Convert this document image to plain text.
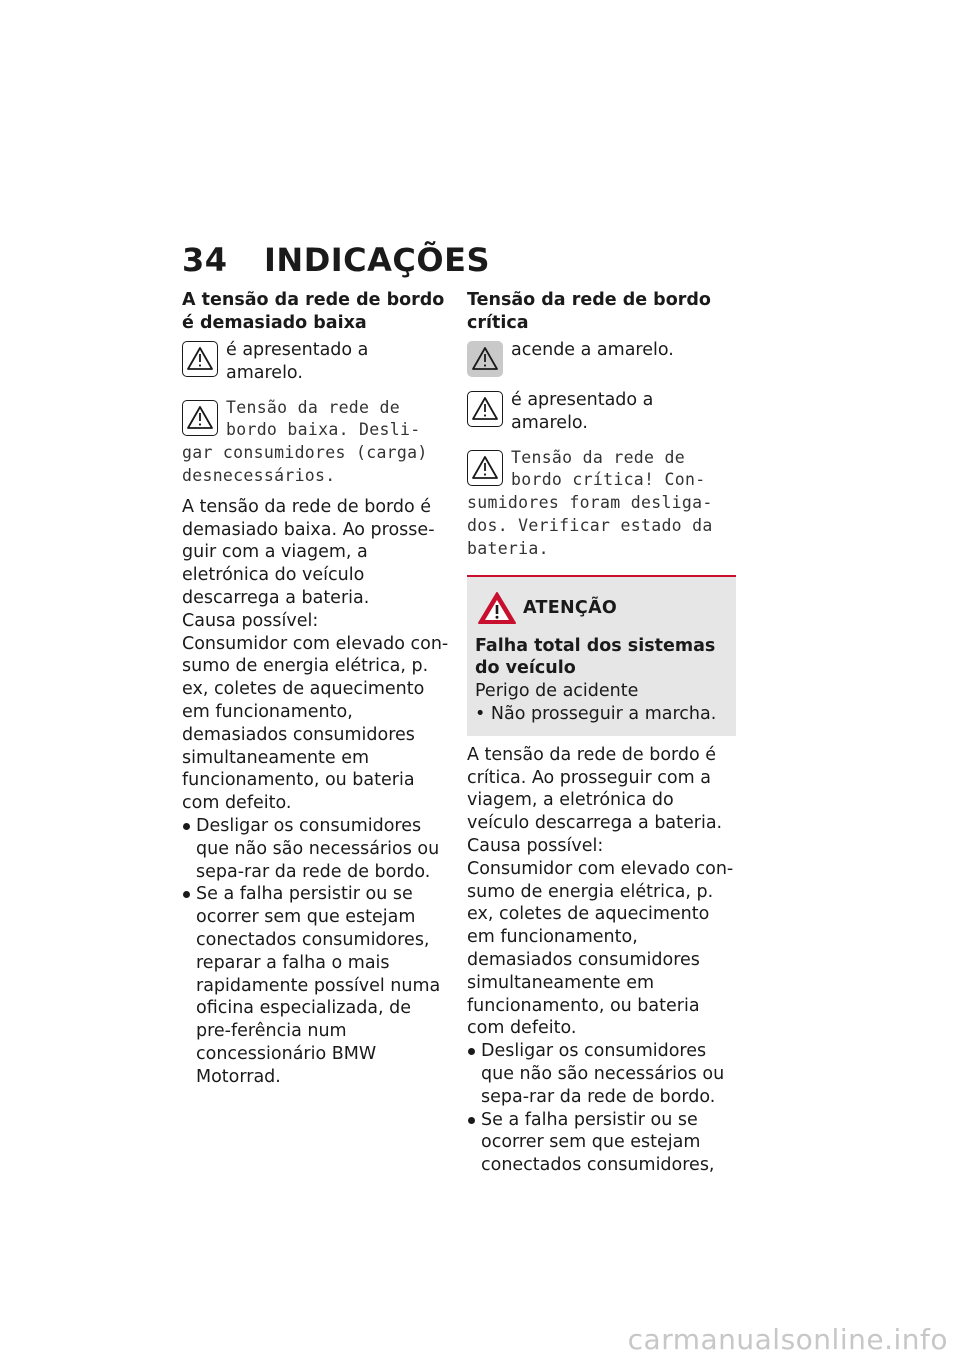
34 INDICAÇÕES
A tensão da rede de bordo é demasiado baixa
é apresentado a amarelo.
Tensão da rede de bordo baixa. Desli-gar consumidores (carga) desnecessários.

A tensão da rede de bordo é demasiado baixa. Ao prosse-guir com a viagem, a eletrónica do veículo descarrega a bateria.

Causa possível:

Consumidor com elevado con-sumo de energia elétrica, p. ex, coletes de aquecimento em funcionamento, demasiados consumidores simultaneamente em funcionamento, ou bateria com defeito.

Desligar os consumidores que não são necessários ou sepa-rar da rede de bordo.
Se a falha persistir ou se ocorrer sem que estejam conectados consumidores, reparar a falha o mais rapidamente possível numa oficina especializada, de pre-ferência num concessionário BMW Motorrad.
Tensão da rede de bordo crítica
acende a amarelo.
é apresentado a amarelo.
Tensão da rede de bordo crítica! Con-sumidores foram desliga-dos. Verificar estado da bateria.
ATENÇÃO
Falha total dos sistemas do veículo

Perigo de acidente

• Não prosseguir a marcha.

A tensão da rede de bordo é crítica. Ao prosseguir com a viagem, a eletrónica do veículo descarrega a bateria.

Causa possível:

Consumidor com elevado con-sumo de energia elétrica, p. ex, coletes de aquecimento em funcionamento, demasiados consumidores simultaneamente em funcionamento, ou bateria com defeito.

Desligar os consumidores que não são necessários ou sepa-rar da rede de bordo.
Se a falha persistir ou se ocorrer sem que estejam conectados consumidores,
carmanualsonline.info
